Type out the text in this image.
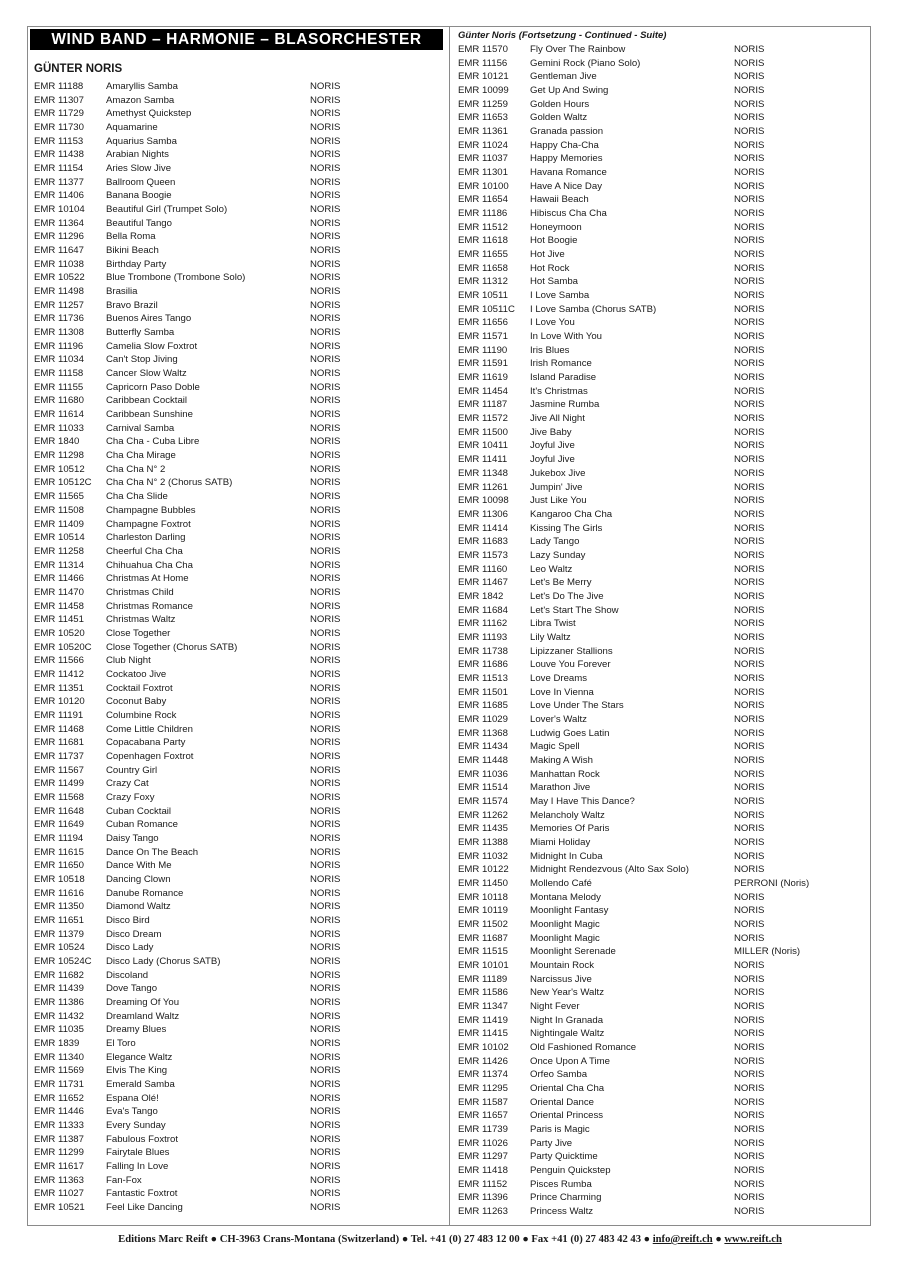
WIND BAND – HARMONIE – BLASORCHESTER
GÜNTER NORIS
Günter Noris (Fortsetzung - Continued - Suite)
EMR 11188	Amaryllis Samba	NORIS
EMR 11307	Amazon Samba	NORIS
EMR 11729	Amethyst Quickstep	NORIS
EMR 11730	Aquamarine	NORIS
EMR 11153	Aquarius Samba	NORIS
EMR 11438	Arabian Nights	NORIS
EMR 11154	Aries Slow Jive	NORIS
EMR 11377	Ballroom Queen	NORIS
EMR 11406	Banana Boogie	NORIS
EMR 10104	Beautiful Girl (Trumpet Solo)	NORIS
EMR 11364	Beautiful Tango	NORIS
EMR 11296	Bella Roma	NORIS
EMR 11647	Bikini Beach	NORIS
EMR 11038	Birthday Party	NORIS
EMR 10522	Blue Trombone (Trombone Solo)	NORIS
EMR 11498	Brasilia	NORIS
EMR 11257	Bravo Brazil	NORIS
EMR 11736	Buenos Aires Tango	NORIS
EMR 11308	Butterfly Samba	NORIS
EMR 11196	Camelia Slow Foxtrot	NORIS
EMR 11034	Can't Stop Jiving	NORIS
EMR 11158	Cancer Slow Waltz	NORIS
EMR 11155	Capricorn Paso Doble	NORIS
EMR 11680	Caribbean Cocktail	NORIS
EMR 11614	Caribbean Sunshine	NORIS
EMR 11033	Carnival Samba	NORIS
EMR 1840	Cha Cha - Cuba Libre	NORIS
EMR 11298	Cha Cha Mirage	NORIS
EMR 10512	Cha Cha N° 2	NORIS
EMR 10512C	Cha Cha N° 2 (Chorus SATB)	NORIS
EMR 11565	Cha Cha Slide	NORIS
EMR 11508	Champagne Bubbles	NORIS
EMR 11409	Champagne Foxtrot	NORIS
EMR 10514	Charleston Darling	NORIS
EMR 11258	Cheerful Cha Cha	NORIS
EMR 11314	Chihuahua Cha Cha	NORIS
EMR 11466	Christmas At Home	NORIS
EMR 11470	Christmas Child	NORIS
EMR 11458	Christmas Romance	NORIS
EMR 11451	Christmas Waltz	NORIS
EMR 10520	Close Together	NORIS
EMR 10520C	Close Together (Chorus SATB)	NORIS
EMR 11566	Club Night	NORIS
EMR 11412	Cockatoo Jive	NORIS
EMR 11351	Cocktail Foxtrot	NORIS
EMR 10120	Coconut Baby	NORIS
EMR 11191	Columbine Rock	NORIS
EMR 11468	Come Little Children	NORIS
EMR 11681	Copacabana Party	NORIS
EMR 11737	Copenhagen Foxtrot	NORIS
EMR 11567	Country Girl	NORIS
EMR 11499	Crazy Cat	NORIS
EMR 11568	Crazy Foxy	NORIS
EMR 11648	Cuban Cocktail	NORIS
EMR 11649	Cuban Romance	NORIS
EMR 11194	Daisy Tango	NORIS
EMR 11615	Dance On The Beach	NORIS
EMR 11650	Dance With Me	NORIS
EMR 10518	Dancing Clown	NORIS
EMR 11616	Danube Romance	NORIS
EMR 11350	Diamond Waltz	NORIS
EMR 11651	Disco Bird	NORIS
EMR 11379	Disco Dream	NORIS
EMR 10524	Disco Lady	NORIS
EMR 10524C	Disco Lady (Chorus SATB)	NORIS
EMR 11682	Discoland	NORIS
EMR 11439	Dove Tango	NORIS
EMR 11386	Dreaming Of You	NORIS
EMR 11432	Dreamland Waltz	NORIS
EMR 11035	Dreamy Blues	NORIS
EMR 1839	El Toro	NORIS
EMR 11340	Elegance Waltz	NORIS
EMR 11569	Elvis The King	NORIS
EMR 11731	Emerald Samba	NORIS
EMR 11652	Espana Olé!	NORIS
EMR 11446	Eva's Tango	NORIS
EMR 11333	Every Sunday	NORIS
EMR 11387	Fabulous Foxtrot	NORIS
EMR 11299	Fairytale Blues	NORIS
EMR 11617	Falling In Love	NORIS
EMR 11363	Fan-Fox	NORIS
EMR 11027	Fantastic Foxtrot	NORIS
EMR 10521	Feel Like Dancing	NORIS
EMR 11570	Fly Over The Rainbow	NORIS
EMR 11156	Gemini Rock (Piano Solo)	NORIS
EMR 10121	Gentleman Jive	NORIS
EMR 10099	Get Up And Swing	NORIS
EMR 11259	Golden Hours	NORIS
EMR 11653	Golden Waltz	NORIS
EMR 11361	Granada passion	NORIS
EMR 11024	Happy Cha-Cha	NORIS
EMR 11037	Happy Memories	NORIS
EMR 11301	Havana Romance	NORIS
EMR 10100	Have A Nice Day	NORIS
EMR 11654	Hawaii Beach	NORIS
EMR 11186	Hibiscus Cha Cha	NORIS
EMR 11512	Honeymoon	NORIS
EMR 11618	Hot Boogie	NORIS
EMR 11655	Hot Jive	NORIS
EMR 11658	Hot Rock	NORIS
EMR 11312	Hot Samba	NORIS
EMR 10511	I Love Samba	NORIS
EMR 10511C	I Love Samba (Chorus SATB)	NORIS
EMR 11656	I Love You	NORIS
EMR 11571	In Love With You	NORIS
EMR 11190	Iris Blues	NORIS
EMR 11591	Irish Romance	NORIS
EMR 11619	Island Paradise	NORIS
EMR 11454	It's Christmas	NORIS
EMR 11187	Jasmine Rumba	NORIS
EMR 11572	Jive All Night	NORIS
EMR 11500	Jive Baby	NORIS
EMR 10411	Joyful Jive	NORIS
EMR 11411	Joyful Jive	NORIS
EMR 11348	Jukebox Jive	NORIS
EMR 11261	Jumpin' Jive	NORIS
EMR 10098	Just Like You	NORIS
EMR 11306	Kangaroo Cha Cha	NORIS
EMR 11414	Kissing The Girls	NORIS
EMR 11683	Lady Tango	NORIS
EMR 11573	Lazy Sunday	NORIS
EMR 11160	Leo Waltz	NORIS
EMR 11467	Let's Be Merry	NORIS
EMR 1842	Let's Do The Jive	NORIS
EMR 11684	Let's Start The Show	NORIS
EMR 11162	Libra Twist	NORIS
EMR 11193	Lily Waltz	NORIS
EMR 11738	Lipizzaner Stallions	NORIS
EMR 11686	Louve You Forever	NORIS
EMR 11513	Love Dreams	NORIS
EMR 11501	Love In Vienna	NORIS
EMR 11685	Love Under The Stars	NORIS
EMR 11029	Lover's Waltz	NORIS
EMR 11368	Ludwig Goes Latin	NORIS
EMR 11434	Magic Spell	NORIS
EMR 11448	Making A Wish	NORIS
EMR 11036	Manhattan Rock	NORIS
EMR 11514	Marathon Jive	NORIS
EMR 11574	May I Have This Dance?	NORIS
EMR 11262	Melancholy Waltz	NORIS
EMR 11435	Memories Of Paris	NORIS
EMR 11388	Miami Holiday	NORIS
EMR 11032	Midnight In Cuba	NORIS
EMR 10122	Midnight Rendezvous (Alto Sax Solo)	NORIS
EMR 11450	Mollendo Café	PERRONI (Noris)
EMR 10118	Montana Melody	NORIS
EMR 10119	Moonlight Fantasy	NORIS
EMR 11502	Moonlight Magic	NORIS
EMR 11687	Moonlight Magic	NORIS
EMR 11515	Moonlight Serenade	MILLER (Noris)
EMR 10101	Mountain Rock	NORIS
EMR 11189	Narcissus Jive	NORIS
EMR 11586	New Year's Waltz	NORIS
EMR 11347	Night Fever	NORIS
EMR 11419	Night In Granada	NORIS
EMR 11415	Nightingale Waltz	NORIS
EMR 10102	Old Fashioned Romance	NORIS
EMR 11426	Once Upon A Time	NORIS
EMR 11374	Orfeo Samba	NORIS
EMR 11295	Oriental Cha Cha	NORIS
EMR 11587	Oriental Dance	NORIS
EMR 11657	Oriental Princess	NORIS
EMR 11739	Paris is Magic	NORIS
EMR 11026	Party Jive	NORIS
EMR 11297	Party Quicktime	NORIS
EMR 11418	Penguin Quickstep	NORIS
EMR 11152	Pisces Rumba	NORIS
EMR 11396	Prince Charming	NORIS
EMR 11263	Princess Waltz	NORIS
Editions Marc Reift ● CH-3963 Crans-Montana (Switzerland) ● Tel. +41 (0) 27 483 12 00 ● Fax +41 (0) 27 483 42 43 ● info@reift.ch ● www.reift.ch
